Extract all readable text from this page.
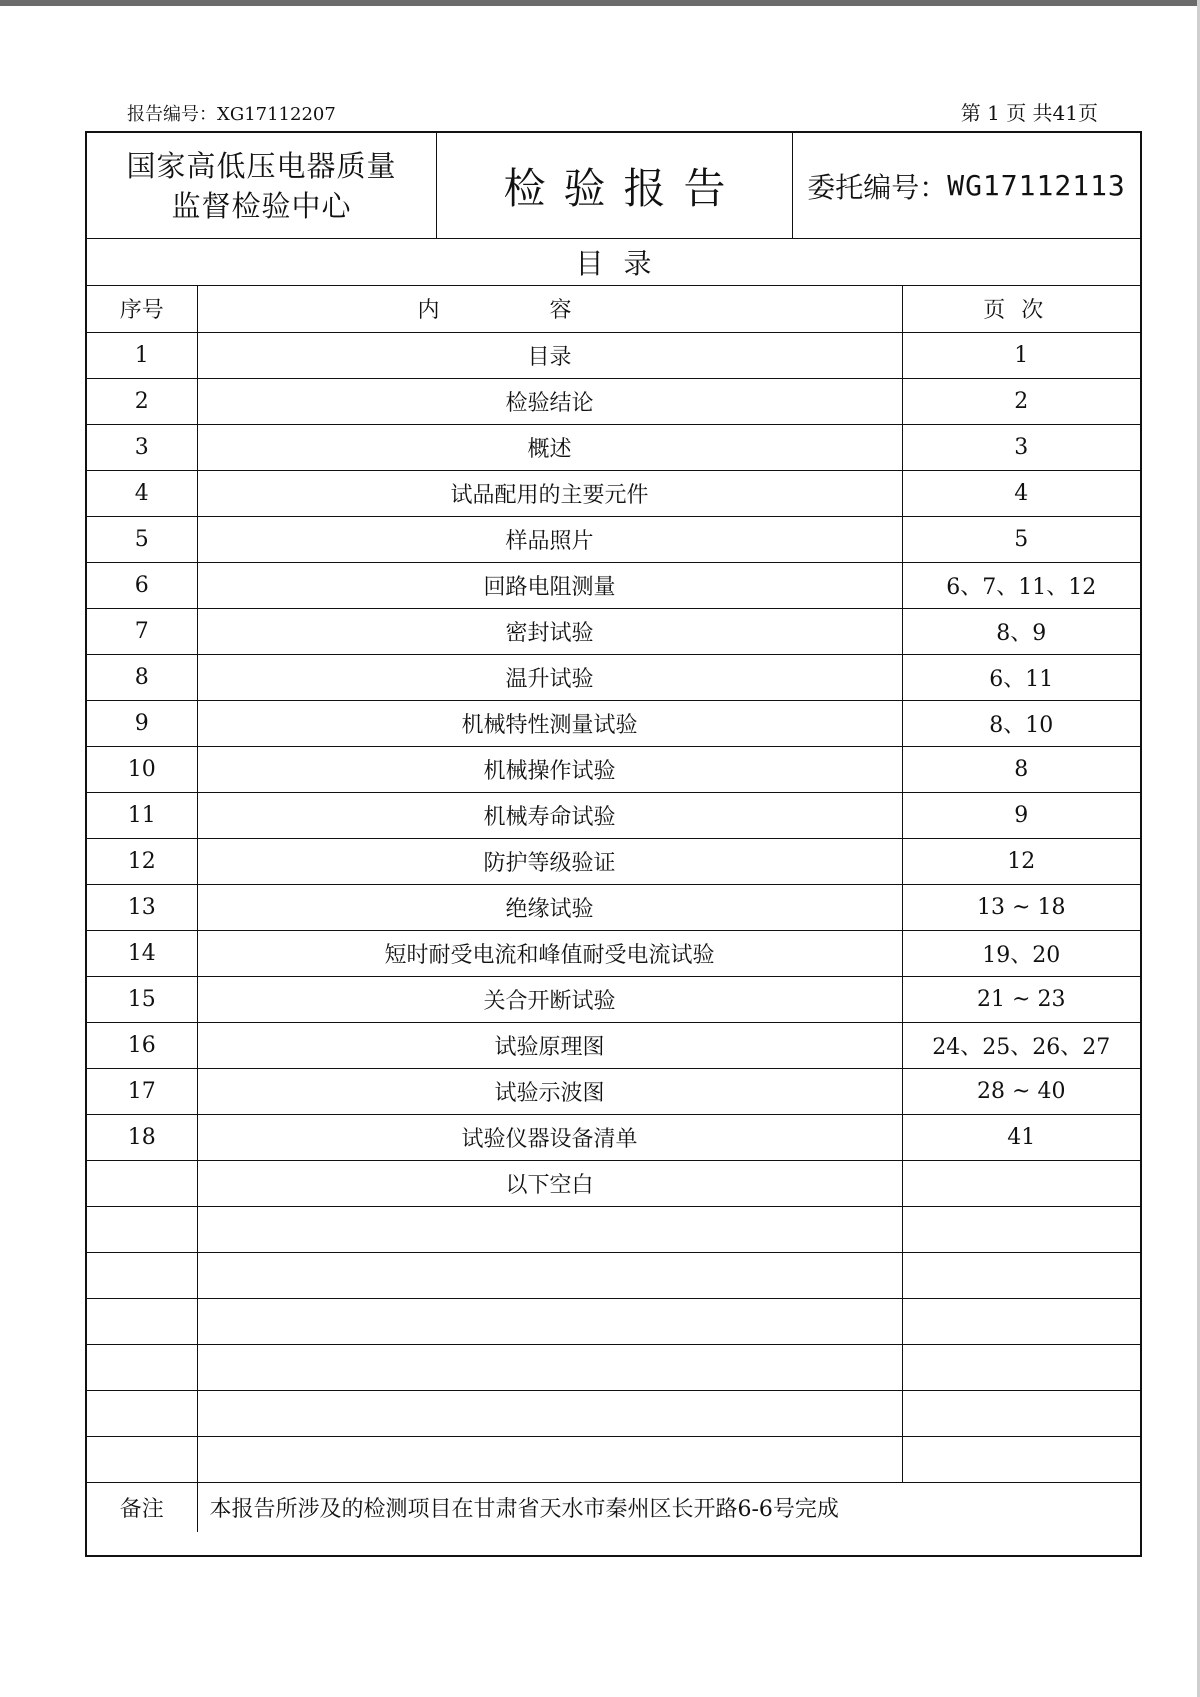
报告编号：XG17112207	第 1 页 共41页
国家高低压电器质量
监督检验中心	检验报告	委托编号： WG17112113
目录
序号	内容	页次
1	目录	1
2	检验结论	2
3	概述	3
4	试品配用的主要元件	4
5	样品照片	5
6	回路电阻测量	6、7、11、12
7	密封试验	8、9
8	温升试验	6、11
9	机械特性测量试验	8、10
10	机械操作试验	8
11	机械寿命试验	9
12	防护等级验证	12
13	绝缘试验	13 ~ 18
14	短时耐受电流和峰值耐受电流试验	19、20
15	关合开断试验	21 ~ 23
16	试验原理图	24、25、26、27
17	试验示波图	28 ~ 40
18	试验仪器设备清单	41
	以下空白	

备注	本报告所涉及的检测项目在甘肃省天水市秦州区长开路6-6号完成	
